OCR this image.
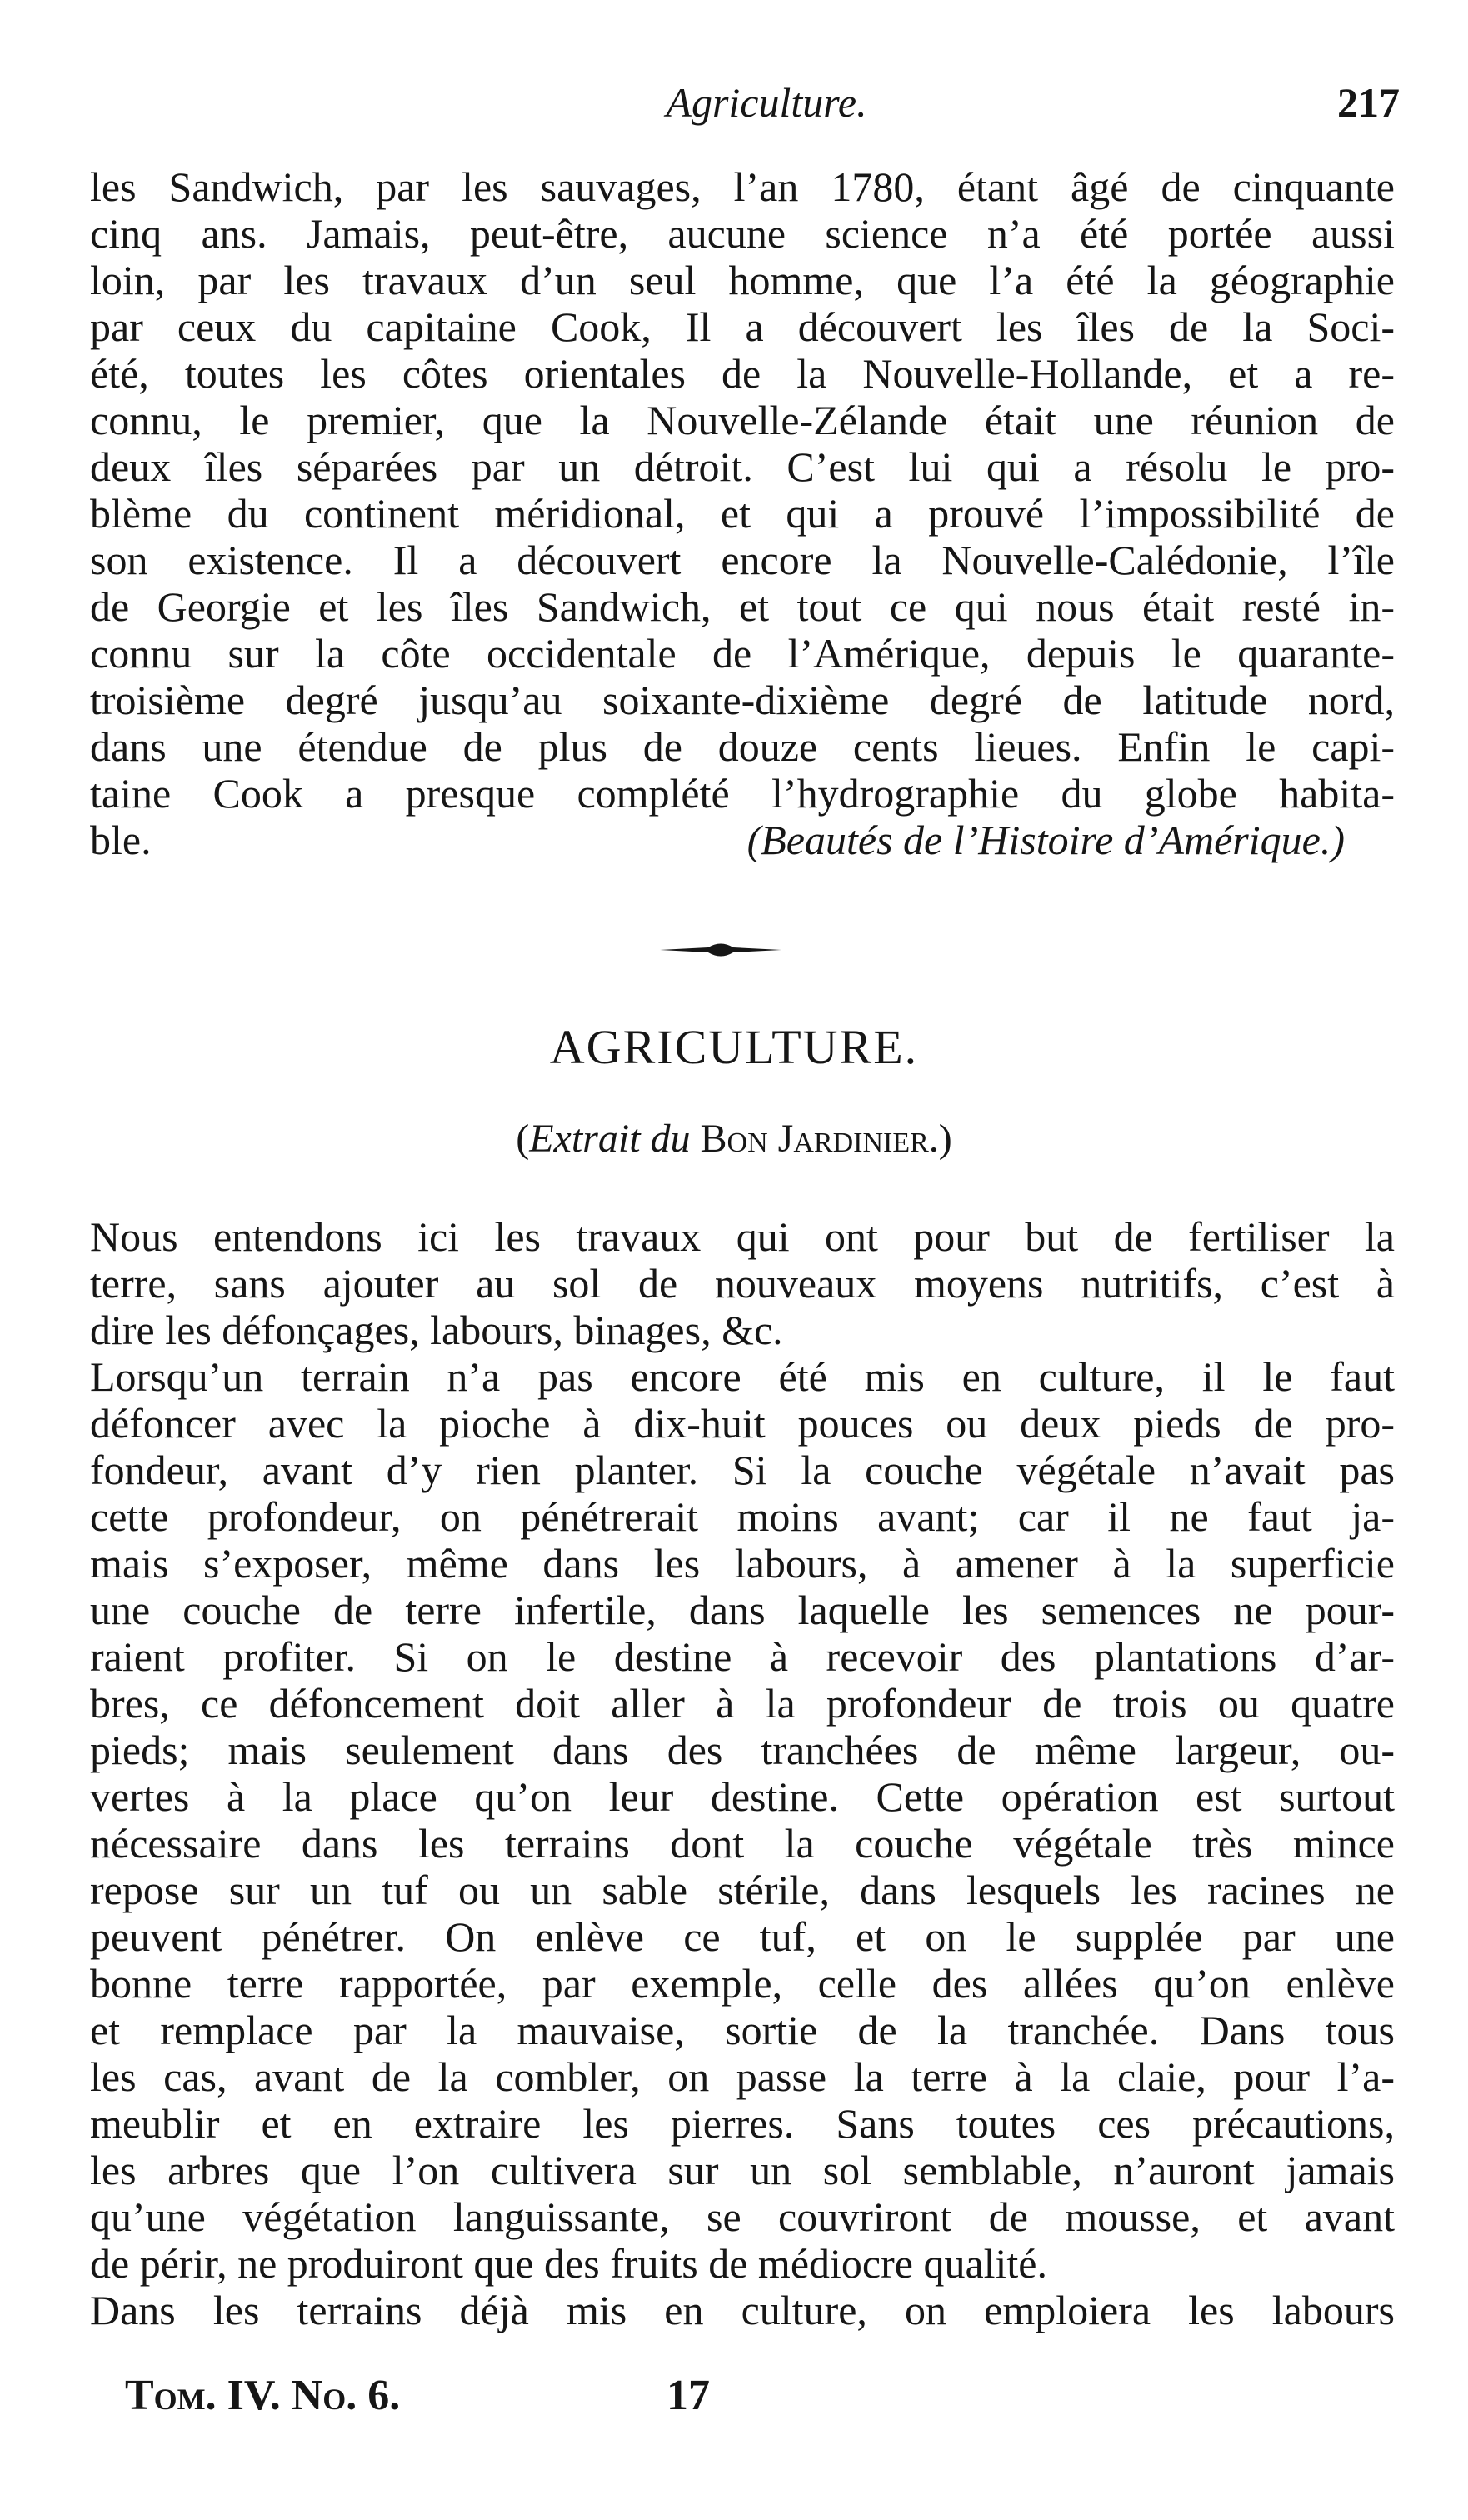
Agriculture.	217
les Sandwich, par les sauvages, l’an 1780, étant âgé de cinquante
cinq ans. Jamais, peut-être, aucune science n’a été portée aussi
loin, par les travaux d’un seul homme, que l’a été la géographie
par ceux du capitaine Cook, Il a découvert les îles de la Soci-
été, toutes les côtes orientales de la Nouvelle-Hollande, et a re-
connu, le premier, que la Nouvelle-Zélande était une réunion de
deux îles séparées par un détroit. C’est lui qui a résolu le pro-
blème du continent méridional, et qui a prouvé l’impossibilité de
son existence. Il a découvert encore la Nouvelle-Calédonie, l’île
de Georgie et les îles Sandwich, et tout ce qui nous était resté in-
connu sur la côte occidentale de l’Amérique, depuis le quarante-
troisième degré jusqu’au soixante-dixième degré de latitude nord,
dans une étendue de plus de douze cents lieues. Enfin le capi-
taine Cook a presque complété l’hydrographie du globe habita-
ble.	(Beautés de l’Histoire d’Amérique.)
AGRICULTURE.
(Extrait du Bon Jardinier.)
Nous entendons ici les travaux qui ont pour but de fertiliser la
terre, sans ajouter au sol de nouveaux moyens nutritifs, c’est à
dire les défonçages, labours, binages, &c.
Lorsqu’un terrain n’a pas encore été mis en culture, il le faut
défoncer avec la pioche à dix-huit pouces ou deux pieds de pro-
fondeur, avant d’y rien planter. Si la couche végétale n’avait pas
cette profondeur, on pénétrerait moins avant; car il ne faut ja-
mais s’exposer, même dans les labours, à amener à la superficie
une couche de terre infertile, dans laquelle les semences ne pour-
raient profiter. Si on le destine à recevoir des plantations d’ar-
bres, ce défoncement doit aller à la profondeur de trois ou quatre
pieds; mais seulement dans des tranchées de même largeur, ou-
vertes à la place qu’on leur destine. Cette opération est surtout
nécessaire dans les terrains dont la couche végétale très mince
repose sur un tuf ou un sable stérile, dans lesquels les racines ne
peuvent pénétrer. On enlève ce tuf, et on le supplée par une
bonne terre rapportée, par exemple, celle des allées qu’on enlève
et remplace par la mauvaise, sortie de la tranchée. Dans tous
les cas, avant de la combler, on passe la terre à la claie, pour l’a-
meublir et en extraire les pierres. Sans toutes ces précautions,
les arbres que l’on cultivera sur un sol semblable, n’auront jamais
qu’une végétation languissante, se couvriront de mousse, et avant
de périr, ne produiront que des fruits de médiocre qualité.
Dans les terrains déjà mis en culture, on emploiera les labours
Tom. IV. No. 6.	17
